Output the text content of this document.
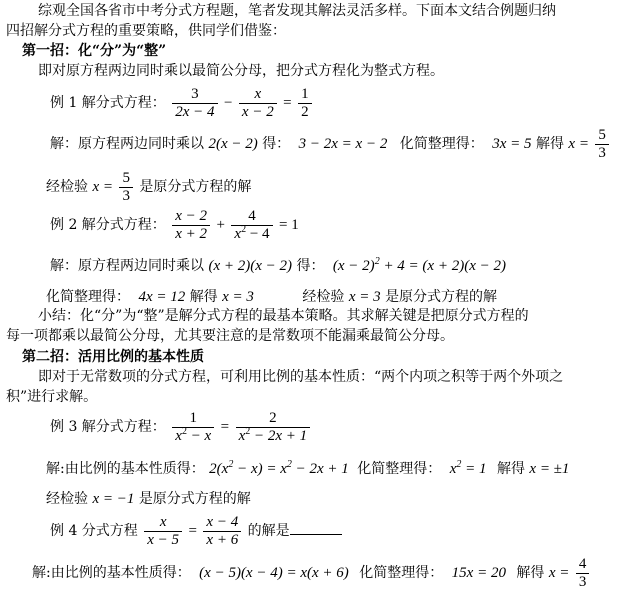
综观全国各省市中考分式方程题，笔者发现其解法灵活多样。下面本文结合例题归纳
四招解分式方程的重要策略，供同学们借鉴：
第一招：化“分”为“整”
即对原方程两边同时乘以最简公分母，把分式方程化为整式方程。
例 1 解分式方程： $\frac{3}{2x - 4} - \frac{x}{x - 2} = \frac{1}{2}$
解：原方程两边同时乘以 2(x − 2) 得： 3 − 2x = x − 2 化简整理得： 3x = 5 解得 $x = \frac{5}{3}$
经检验 $x = \frac{5}{3}$ 是原分式方程的解
例 2 解分式方程： $\frac{x - 2}{x + 2} + \frac{4}{x^2 - 4} = 1$
解：原方程两边同时乘以 (x + 2)(x − 2) 得： $(x - 2)^2 + 4 = (x + 2)(x - 2)$
化简整理得： 4x = 12 解得 x = 3	经检验 x = 3 是原分式方程的解
小结：化“分”为“整”是解分式方程的最基本策略。其求解关键是把原分式方程的
每一项都乘以最简公分母，尤其要注意的是常数项不能漏乘最简公分母。
第二招：活用比例的基本性质
即对于无常数项的分式方程，可利用比例的基本性质：“两个内项之积等于两个外项之
积”进行求解。
例 3 解分式方程： $\frac{1}{x^2 - x} = \frac{2}{x^2 - 2x + 1}$
解:由比例的基本性质得： $2(x^2 - x) = x^2 - 2x + 1$ 化简整理得： $x^2 = 1$ 解得 x = ±1
经检验 x = −1 是原分式方程的解
例 4 分式方程 $\frac{x}{x - 5} = \frac{x - 4}{x + 6}$ 的解是
解:由比例的基本性质得： (x − 5)(x − 4) = x(x + 6) 化简整理得： 15x = 20 解得 $x = \frac{4}{3}$
